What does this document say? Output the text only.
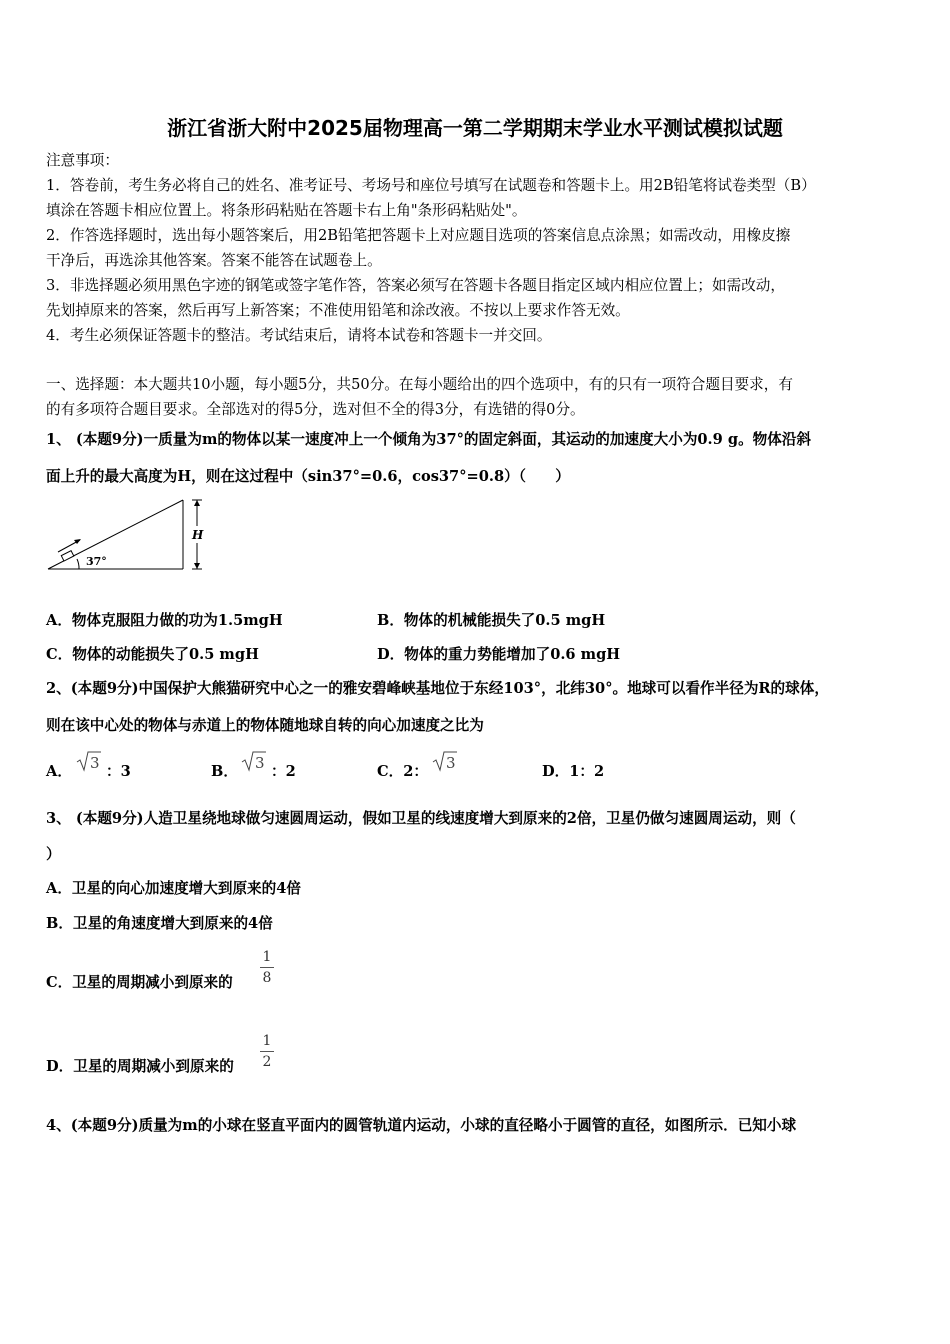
浙江省浙大附中2025届物理高一第二学期期末学业水平测试模拟试题
注意事项：
1．答卷前，考生务必将自己的姓名、准考证号、考场号和座位号填写在试题卷和答题卡上。用2B铅笔将试卷类型（B）
填涂在答题卡相应位置上。将条形码粘贴在答题卡右上角"条形码粘贴处"。
2．作答选择题时，选出每小题答案后，用2B铅笔把答题卡上对应题目选项的答案信息点涂黑；如需改动，用橡皮擦
干净后，再选涂其他答案。答案不能答在试题卷上。
3．非选择题必须用黑色字迹的钢笔或签字笔作答，答案必须写在答题卡各题目指定区域内相应位置上；如需改动，
先划掉原来的答案，然后再写上新答案；不准使用铅笔和涂改液。不按以上要求作答无效。
4．考生必须保证答题卡的整洁。考试结束后，请将本试卷和答题卡一并交回。
一、选择题：本大题共10小题，每小题5分，共50分。在每小题给出的四个选项中，有的只有一项符合题目要求，有
的有多项符合题目要求。全部选对的得5分，选对但不全的得3分，有选错的得0分。
1、 (本题9分)一质量为m的物体以某一速度冲上一个倾角为37°的固定斜面，其运动的加速度大小为0.9 g。物体沿斜
面上升的最大高度为H，则在这过程中（sin37°=0.6，cos37°=0.8）（　　）
37°
H
A．物体克服阻力做的功为1.5mgH	B．物体的机械能损失了0.5 mgH
C．物体的动能损失了0.5 mgH	D．物体的重力势能增加了0.6 mgH
2、(本题9分)中国保护大熊猫研究中心之一的雅安碧峰峡基地位于东经103°，北纬30°。地球可以看作半径为R的球体，
则在该中心处的物体与赤道上的物体随地球自转的向心加速度之比为
A． 3 ：3	B． 3 ：2	C．2： 3	D．1：2
3、 (本题9分)人造卫星绕地球做匀速圆周运动，假如卫星的线速度增大到原来的2倍，卫星仍做匀速圆周运动，则（
）
A．卫星的向心加速度增大到原来的4倍
B．卫星的角速度增大到原来的4倍
C．卫星的周期减小到原来的 $\frac{1}{8}$
D．卫星的周期减小到原来的 $\frac{1}{2}$
4、(本题9分)质量为m的小球在竖直平面内的圆管轨道内运动，小球的直径略小于圆管的直径，如图所示．已知小球
